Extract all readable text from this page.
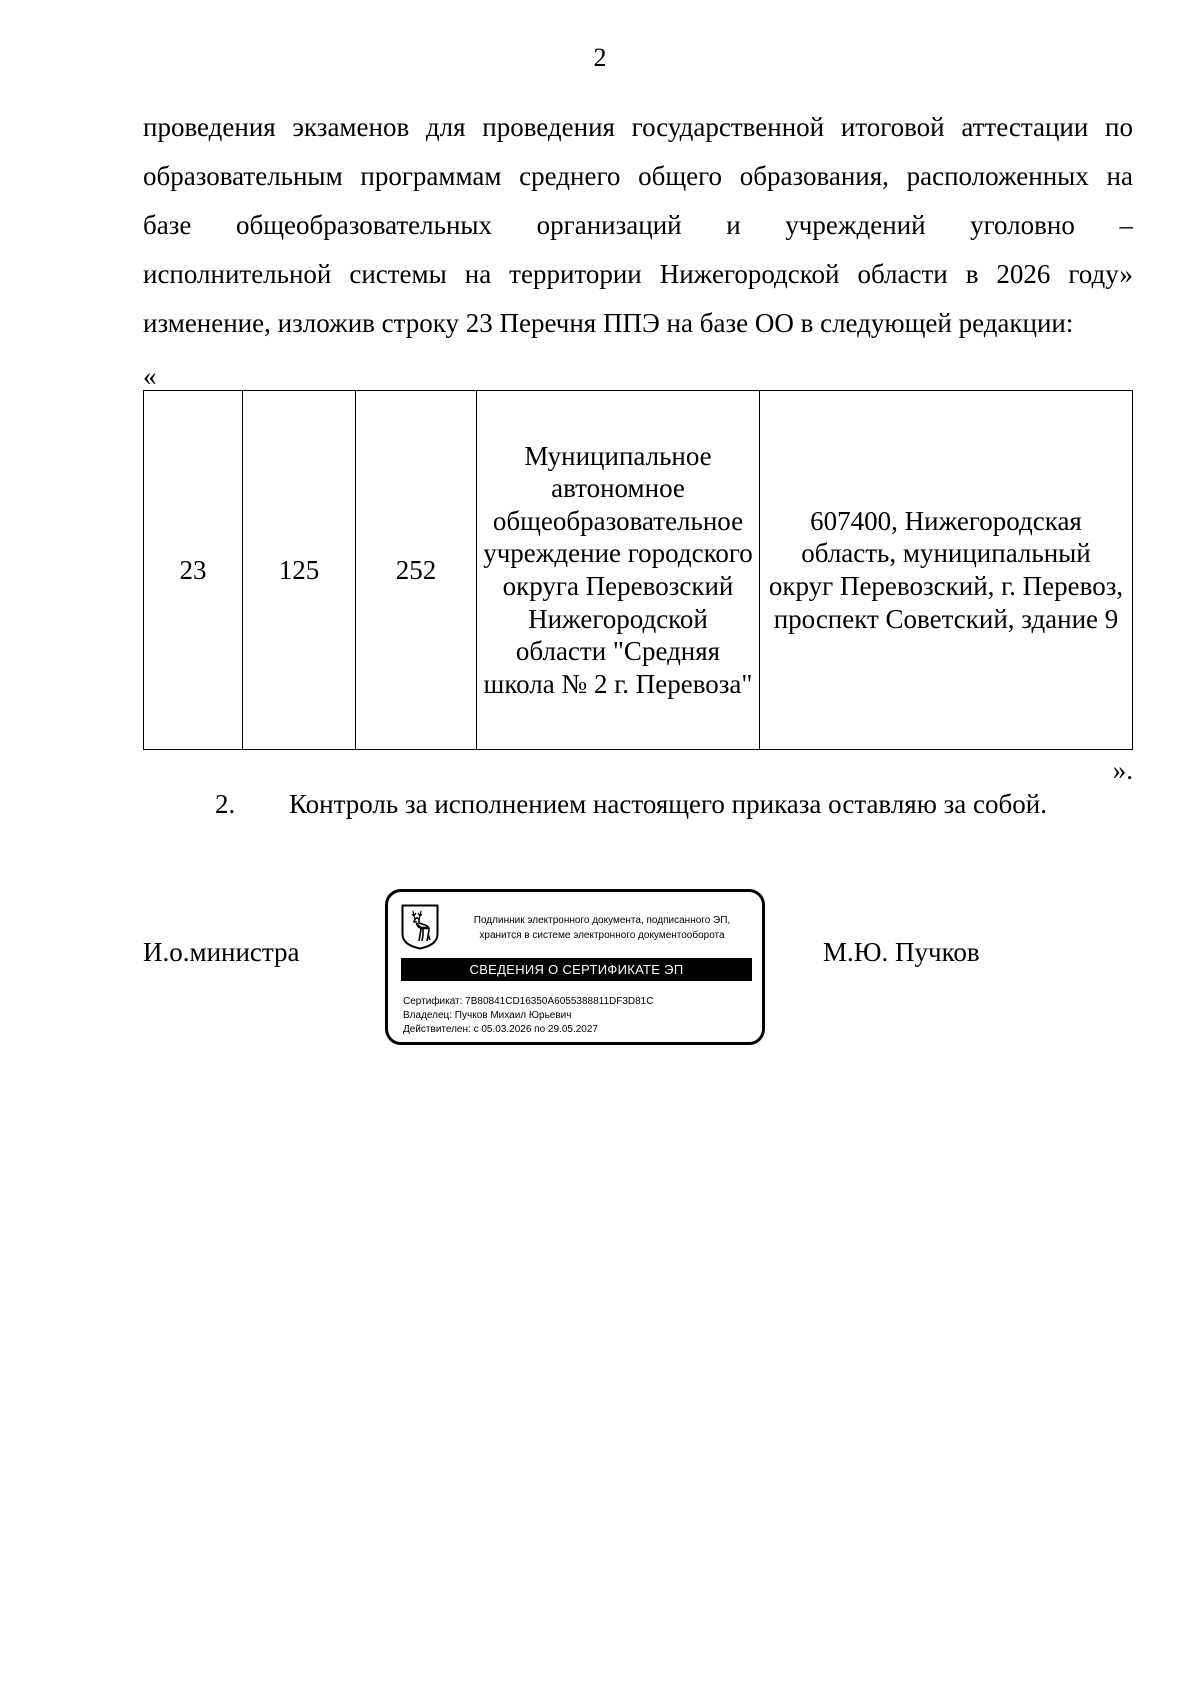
2
проведения экзаменов для проведения государственной итоговой аттестации по
образовательным программам среднего общего образования, расположенных на
базе общеобразовательных организаций и учреждений уголовно –
исполнительной системы на территории Нижегородской области в 2026 году»
изменение, изложив строку 23 Перечня ППЭ на базе ОО в следующей редакции:
«
23	125	252	Муниципальное автономное общеобразовательное учреждение городского округа Перевозский Нижегородской области "Средняя школа № 2 г. Перевоза"	607400, Нижегородская область, муниципальный округ Перевозский, г. Перевоз, проспект Советский, здание 9
».
2. Контроль за исполнением настоящего приказа оставляю за собой.
И.о.министра
Подлинник электронного документа, подписанного ЭП,
хранится в системе электронного документооборота
СВЕДЕНИЯ О СЕРТИФИКАТЕ ЭП
Сертификат: 7B80841CD16350A6055388811DF3D81C
Владелец: Пучков Михаил Юрьевич
Действителен: с 05.03.2026 по 29.05.2027
М.Ю. Пучков
